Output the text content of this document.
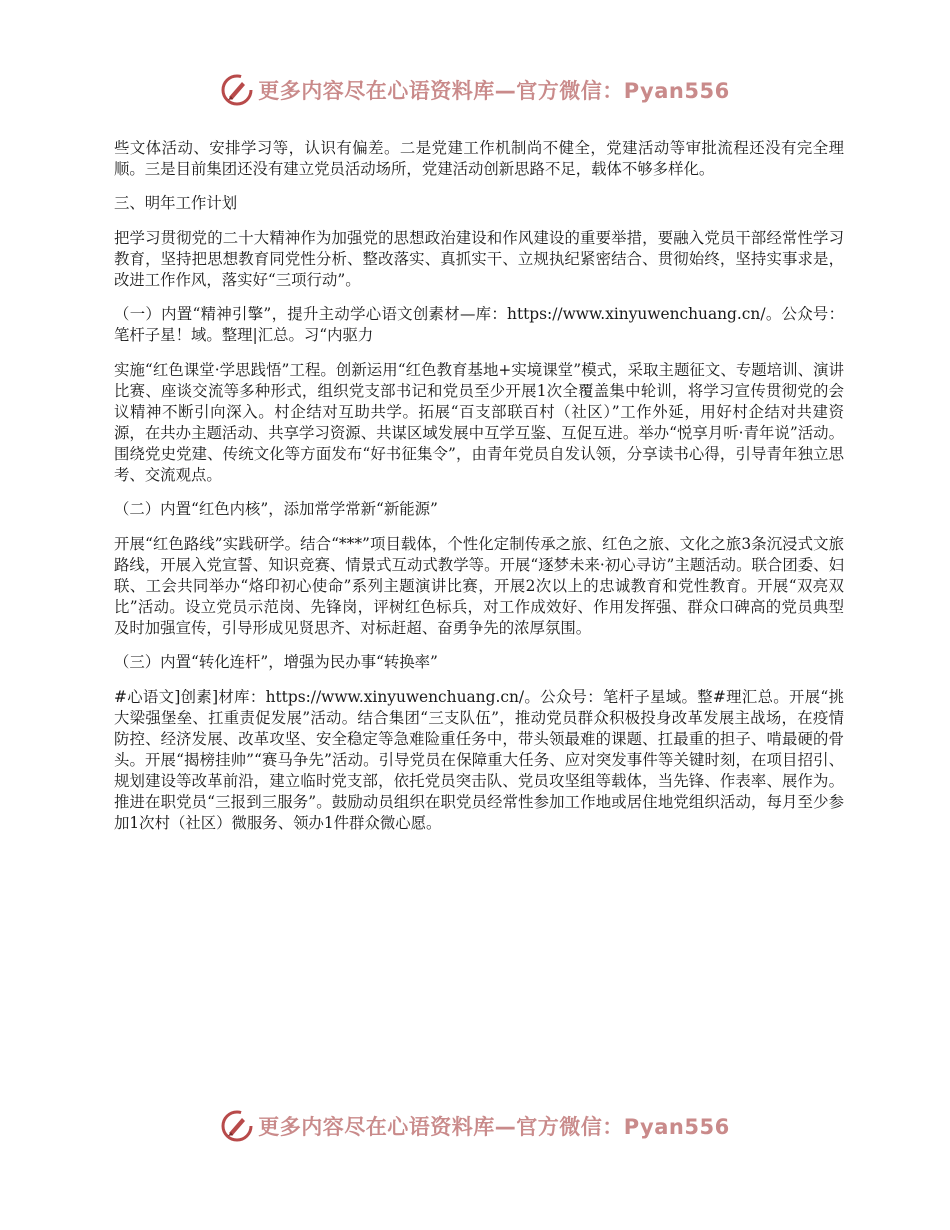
更多内容尽在心语资料库—官方微信：Pyan556

些文体活动、安排学习等，认识有偏差。二是党建工作机制尚不健全，党建活动等审批流程还没有完全理顺。三是目前集团还没有建立党员活动场所，党建活动创新思路不足，载体不够多样化。

三、明年工作计划

把学习贯彻党的二十大精神作为加强党的思想政治建设和作风建设的重要举措，要融入党员干部经常性学习教育，坚持把思想教育同党性分析、整改落实、真抓实干、立规执纪紧密结合、贯彻始终，坚持实事求是，改进工作作风，落实好“三项行动”。

（一）内置“精神引擎”，提升主动学心语文创素材—库：https://www.xinyuwenchuang.cn/。公众号：笔杆子星！域。整理|汇总。习“内驱力

实施“红色课堂·学思践悟”工程。创新运用“红色教育基地+实境课堂”模式，采取主题征文、专题培训、演讲比赛、座谈交流等多种形式，组织党支部书记和党员至少开展1次全覆盖集中轮训，将学习宣传贯彻党的会议精神不断引向深入。村企结对互助共学。拓展“百支部联百村（社区）”工作外延，用好村企结对共建资源，在共办主题活动、共享学习资源、共谋区域发展中互学互鉴、互促互进。举办“悦享月听·青年说”活动。围绕党史党建、传统文化等方面发布“好书征集令”，由青年党员自发认领，分享读书心得，引导青年独立思考、交流观点。

（二）内置“红色内核”，添加常学常新“新能源”

开展“红色路线”实践研学。结合“***”项目载体，个性化定制传承之旅、红色之旅、文化之旅3条沉浸式文旅路线，开展入党宣誓、知识竞赛、情景式互动式教学等。开展“逐梦未来·初心寻访”主题活动。联合团委、妇联、工会共同举办“烙印初心使命”系列主题演讲比赛，开展2次以上的忠诚教育和党性教育。开展“双亮双比”活动。设立党员示范岗、先锋岗，评树红色标兵，对工作成效好、作用发挥强、群众口碑高的党员典型及时加强宣传，引导形成见贤思齐、对标赶超、奋勇争先的浓厚氛围。

（三）内置“转化连杆”，增强为民办事“转换率”

#心语文]创素]材库：https://www.xinyuwenchuang.cn/。公众号：笔杆子星域。整#理汇总。开展“挑大梁强堡垒、扛重责促发展”活动。结合集团“三支队伍”，推动党员群众积极投身改革发展主战场，在疫情防控、经济发展、改革攻坚、安全稳定等急难险重任务中，带头领最难的课题、扛最重的担子、啃最硬的骨头。开展“揭榜挂帅”“赛马争先”活动。引导党员在保障重大任务、应对突发事件等关键时刻，在项目招引、规划建设等改革前沿，建立临时党支部，依托党员突击队、党员攻坚组等载体，当先锋、作表率、展作为。推进在职党员“三报到三服务”。鼓励动员组织在职党员经常性参加工作地或居住地党组织活动，每月至少参加1次村（社区）微服务、领办1件群众微心愿。

更多内容尽在心语资料库—官方微信：Pyan556
